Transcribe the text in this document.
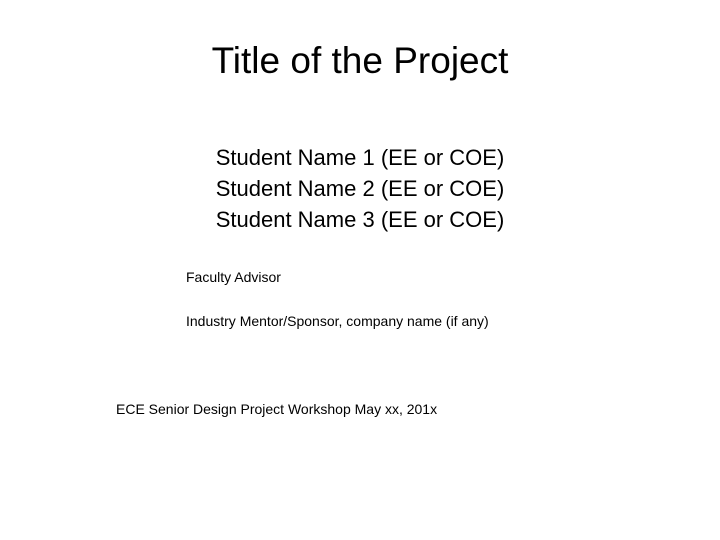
Title of the Project
Student Name 1 (EE or COE)
Student Name 2 (EE or COE)
Student Name 3 (EE or COE)
Faculty Advisor
Industry Mentor/Sponsor, company name (if any)
ECE Senior Design Project Workshop May xx, 201x
